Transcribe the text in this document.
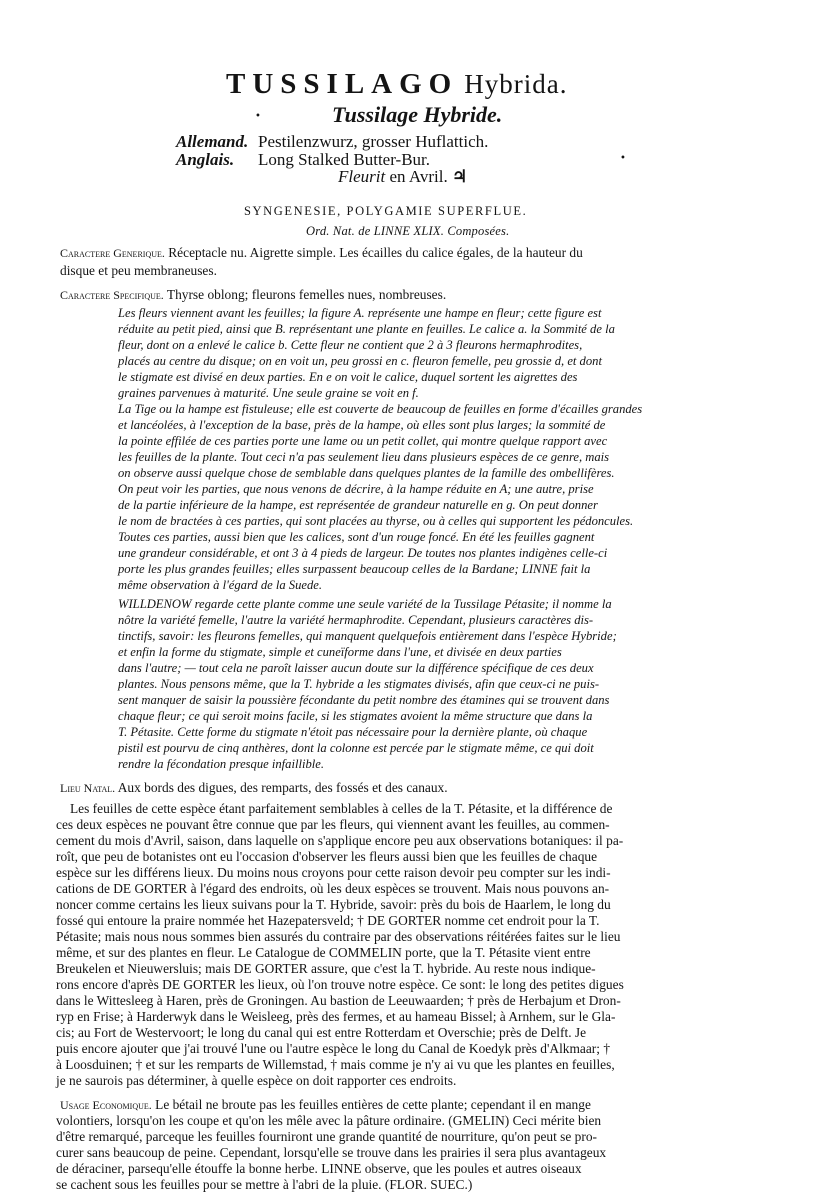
TUSSILAGO Hybrida.
•	Tussilage Hybride.
Allemand. Pestilenzwurz, grosser Huflattich.
Anglais. Long Stalked Butter-Bur.	•
Fleurit en Avril. ♃
SYNGENESIE, POLYGAMIE SUPERFLUE.
Ord. Nat. de LINNE XLIX. Composées.
Caractere Generique. Réceptacle nu. Aigrette simple. Les écailles du calice égales, de la hauteur du
disque et peu membraneuses.
Caractere Specifique. Thyrse oblong; fleurons femelles nues, nombreuses.
Les fleurs viennent avant les feuilles; la figure A. représente une hampe en fleur; cette figure est
réduite au petit pied, ainsi que B. représentant une plante en feuilles. Le calice a. la Sommité de la
fleur, dont on a enlevé le calice b. Cette fleur ne contient que 2 à 3 fleurons hermaphrodites,
placés au centre du disque; on en voit un, peu grossi en c. fleuron femelle, peu grossie d, et dont
le stigmate est divisé en deux parties. En e on voit le calice, duquel sortent les aigrettes des
graines parvenues à maturité. Une seule graine se voit en f.
La Tige ou la hampe est fistuleuse; elle est couverte de beaucoup de feuilles en forme d'écailles grandes
et lancéolées, à l'exception de la base, près de la hampe, où elles sont plus larges; la sommité de
la pointe effilée de ces parties porte une lame ou un petit collet, qui montre quelque rapport avec
les feuilles de la plante. Tout ceci n'a pas seulement lieu dans plusieurs espèces de ce genre, mais
on observe aussi quelque chose de semblable dans quelques plantes de la famille des ombellifères.
On peut voir les parties, que nous venons de décrire, à la hampe réduite en A; une autre, prise
de la partie inférieure de la hampe, est représentée de grandeur naturelle en g. On peut donner
le nom de bractées à ces parties, qui sont placées au thyrse, ou à celles qui supportent les pédoncules.
Toutes ces parties, aussi bien que les calices, sont d'un rouge foncé. En été les feuilles gagnent
une grandeur considérable, et ont 3 à 4 pieds de largeur. De toutes nos plantes indigènes celle-ci
porte les plus grandes feuilles; elles surpassent beaucoup celles de la Bardane; LINNE fait la
même observation à l'égard de la Suede.
WILLDENOW regarde cette plante comme une seule variété de la Tussilage Pétasite; il nomme la
nôtre la variété femelle, l'autre la variété hermaphrodite. Cependant, plusieurs caractères dis-
tinctifs, savoir: les fleurons femelles, qui manquent quelquefois entièrement dans l'espèce Hybride;
et enfin la forme du stigmate, simple et cuneïforme dans l'une, et divisée en deux parties
dans l'autre; — tout cela ne paroît laisser aucun doute sur la différence spécifique de ces deux
plantes. Nous pensons même, que la T. hybride a les stigmates divisés, afin que ceux-ci ne puis-
sent manquer de saisir la poussière fécondante du petit nombre des étamines qui se trouvent dans
chaque fleur; ce qui seroit moins facile, si les stigmates avoient la même structure que dans la
T. Pétasite. Cette forme du stigmate n'étoit pas nécessaire pour la dernière plante, où chaque
pistil est pourvu de cinq anthères, dont la colonne est percée par le stigmate même, ce qui doit
rendre la fécondation presque infaillible.
Lieu Natal. Aux bords des digues, des remparts, des fossés et des canaux.
Les feuilles de cette espèce étant parfaitement semblables à celles de la T. Pétasite, et la différence de
ces deux espèces ne pouvant être connue que par les fleurs, qui viennent avant les feuilles, au commen-
cement du mois d'Avril, saison, dans laquelle on s'applique encore peu aux observations botaniques: il pa-
roît, que peu de botanistes ont eu l'occasion d'observer les fleurs aussi bien que les feuilles de chaque
espèce sur les différens lieux. Du moins nous croyons pour cette raison devoir peu compter sur les indi-
cations de DE GORTER à l'égard des endroits, où les deux espèces se trouvent. Mais nous pouvons an-
noncer comme certains les lieux suivans pour la T. Hybride, savoir: près du bois de Haarlem, le long du
fossé qui entoure la praire nommée het Hazepatersveld; † DE GORTER nomme cet endroit pour la T.
Pétasite; mais nous nous sommes bien assurés du contraire par des observations réitérées faites sur le lieu
même, et sur des plantes en fleur. Le Catalogue de COMMELIN porte, que la T. Pétasite vient entre
Breukelen et Nieuwersluis; mais DE GORTER assure, que c'est la T. hybride. Au reste nous indique-
rons encore d'après DE GORTER les lieux, où l'on trouve notre espèce. Ce sont: le long des petites digues
dans le Wittesleeg à Haren, près de Groningen. Au bastion de Leeuwaarden; † près de Herbajum et Dron-
ryp en Frise; à Harderwyk dans le Weisleeg, près des fermes, et au hameau Bissel; à Arnhem, sur le Gla-
cis; au Fort de Westervoort; le long du canal qui est entre Rotterdam et Overschie; près de Delft. Je
puis encore ajouter que j'ai trouvé l'une ou l'autre espèce le long du Canal de Koedyk près d'Alkmaar; †
à Loosduinen; † et sur les remparts de Willemstad, † mais comme je n'y ai vu que les plantes en feuilles,
je ne saurois pas déterminer, à quelle espèce on doit rapporter ces endroits.
Usage Economique. Le bétail ne broute pas les feuilles entières de cette plante; cependant il en mange
volontiers, lorsqu'on les coupe et qu'on les mêle avec la pâture ordinaire. (GMELIN) Ceci mérite bien
d'être remarqué, parceque les feuilles fourniront une grande quantité de nourriture, qu'on peut se pro-
curer sans beaucoup de peine. Cependant, lorsqu'elle se trouve dans les prairies il sera plus avantageux
de déraciner, parsequ'elle étouffe la bonne herbe. LINNE observe, que les poules et autres oiseaux
se cachent sous les feuilles pour se mettre à l'abri de la pluie. (FLOR. SUEC.)
